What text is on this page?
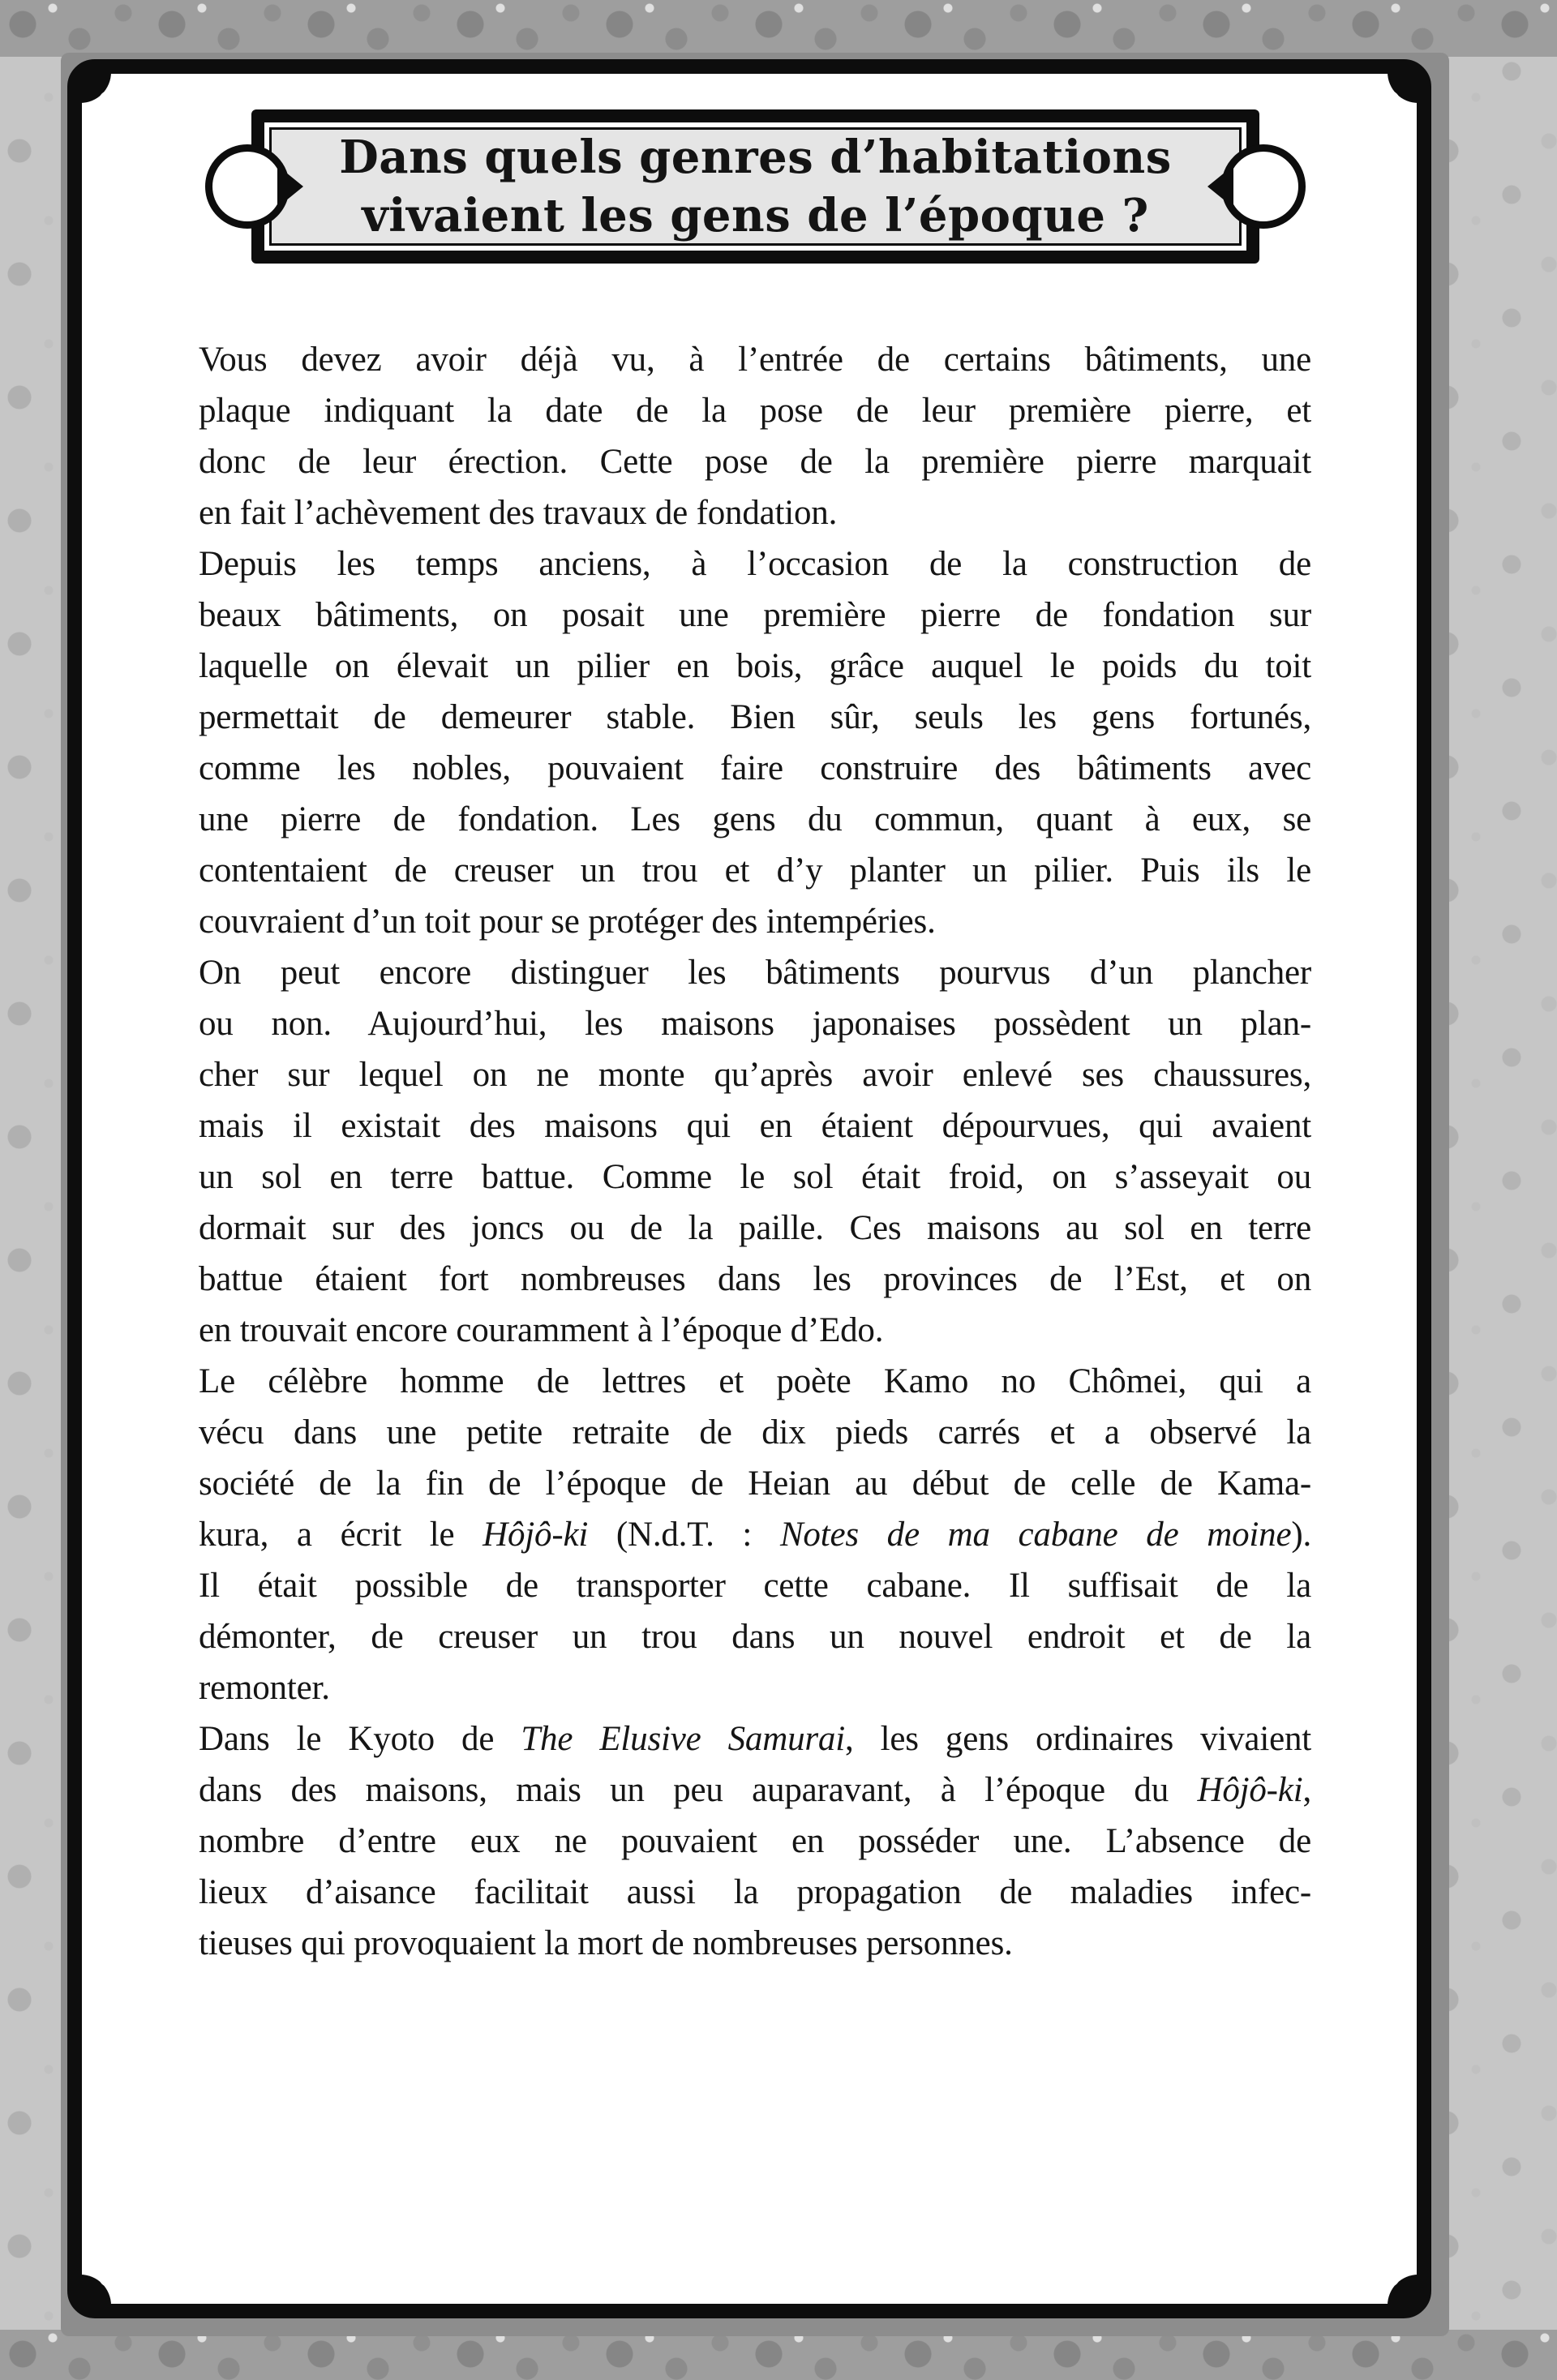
Dans quels genres d’habitations
vivaient les gens de l’époque ?
Vous devez avoir déjà vu, à l’entrée de certains bâtiments, une
plaque indiquant la date de la pose de leur première pierre, et
donc de leur érection. Cette pose de la première pierre marquait
en fait l’achèvement des travaux de fondation.
Depuis les temps anciens, à l’occasion de la construction de
beaux bâtiments, on posait une première pierre de fondation sur
laquelle on élevait un pilier en bois, grâce auquel le poids du toit
permettait de demeurer stable. Bien sûr, seuls les gens fortunés,
comme les nobles, pouvaient faire construire des bâtiments avec
une pierre de fondation. Les gens du commun, quant à eux, se
contentaient de creuser un trou et d’y planter un pilier. Puis ils le
couvraient d’un toit pour se protéger des intempéries.
On peut encore distinguer les bâtiments pourvus d’un plancher
ou non. Aujourd’hui, les maisons japonaises possèdent un plan-
cher sur lequel on ne monte qu’après avoir enlevé ses chaussures,
mais il existait des maisons qui en étaient dépourvues, qui avaient
un sol en terre battue. Comme le sol était froid, on s’asseyait ou
dormait sur des joncs ou de la paille. Ces maisons au sol en terre
battue étaient fort nombreuses dans les provinces de l’Est, et on
en trouvait encore couramment à l’époque d’Edo.
Le célèbre homme de lettres et poète Kamo no Chômei, qui a
vécu dans une petite retraite de dix pieds carrés et a observé la
société de la fin de l’époque de Heian au début de celle de Kama-
kura, a écrit le Hôjô-ki (N.d.T. : Notes de ma cabane de moine).
Il était possible de transporter cette cabane. Il suffisait de la
démonter, de creuser un trou dans un nouvel endroit et de la
remonter.
Dans le Kyoto de The Elusive Samurai, les gens ordinaires vivaient
dans des maisons, mais un peu auparavant, à l’époque du Hôjô-ki,
nombre d’entre eux ne pouvaient en posséder une. L’absence de
lieux d’aisance facilitait aussi la propagation de maladies infec-
tieuses qui provoquaient la mort de nombreuses personnes.
